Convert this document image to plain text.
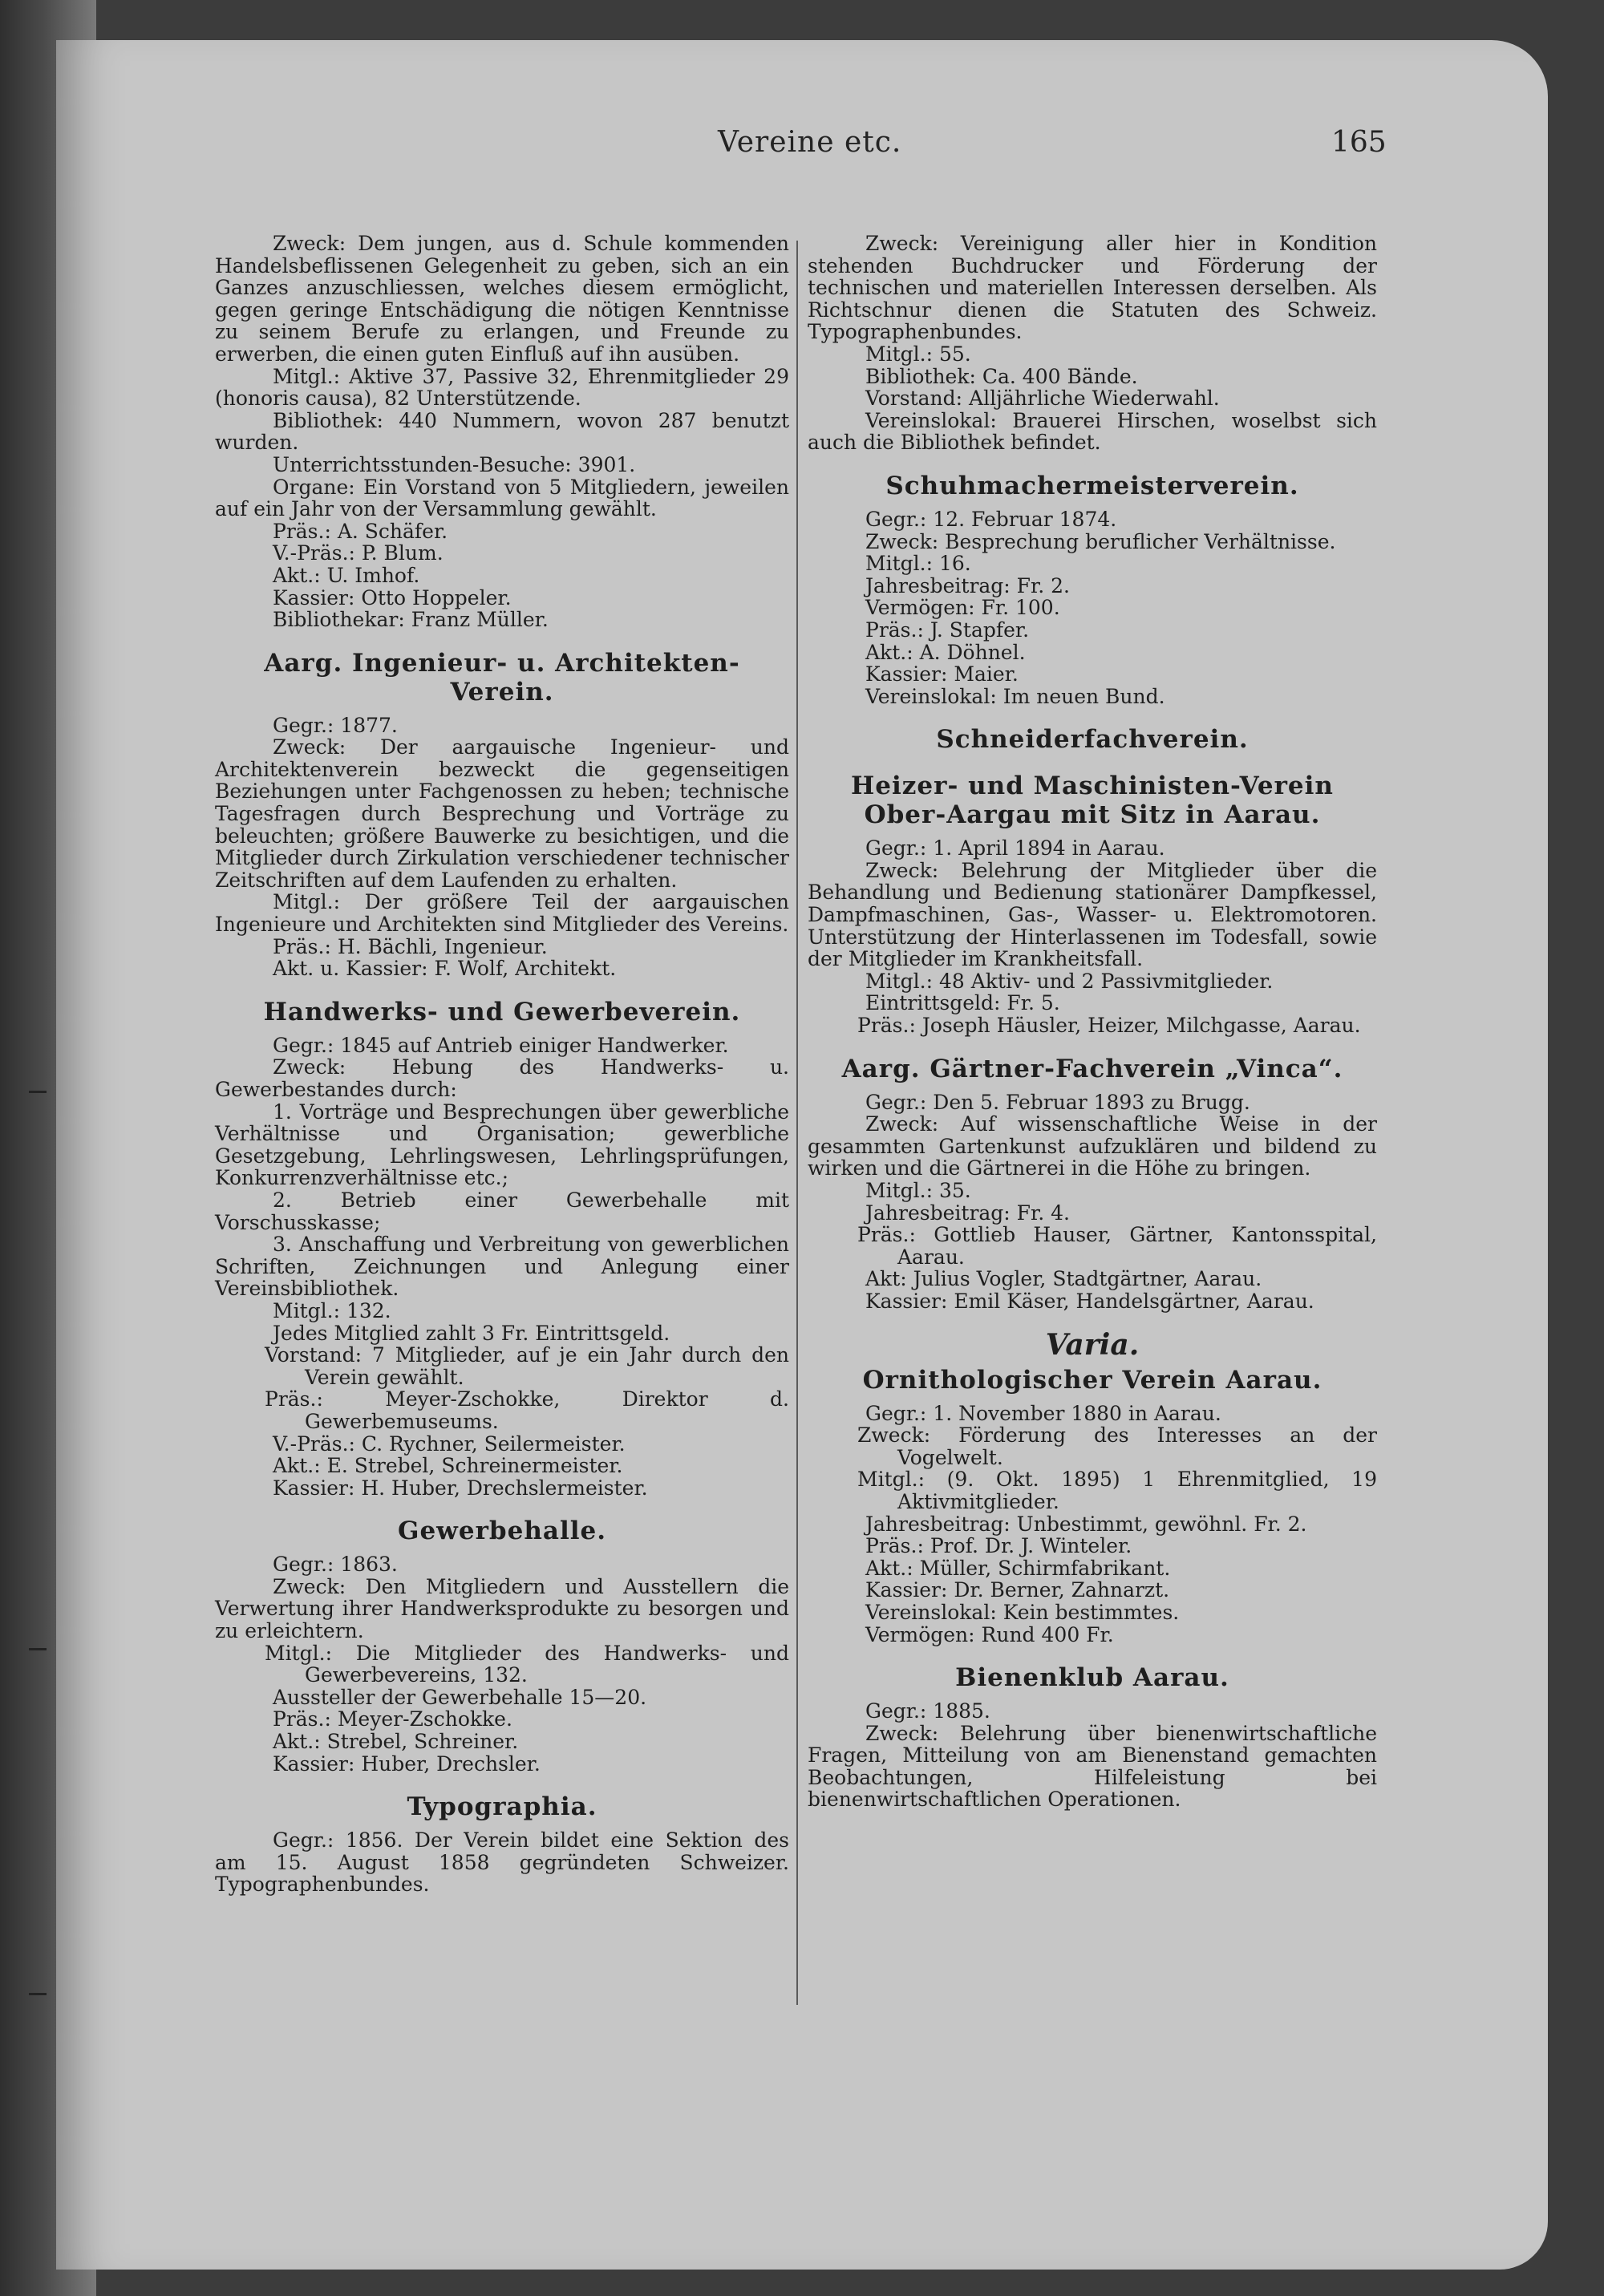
Vereine etc.	165

Zweck: Dem jungen, aus d. Schule kommenden Handelsbeflissenen Gelegenheit zu geben, sich an ein Ganzes anzuschliessen, welches diesem ermöglicht, gegen geringe Entschädigung die nötigen Kenntnisse zu seinem Berufe zu erlangen, und Freunde zu erwerben, die einen guten Einfluß auf ihn ausüben.

Mitgl.: Aktive 37, Passive 32, Ehrenmitglieder 29 (honoris causa), 82 Unterstützende.

Bibliothek: 440 Nummern, wovon 287 benutzt wurden.

Unterrichtsstunden-Besuche: 3901.

Organe: Ein Vorstand von 5 Mitgliedern, jeweilen auf ein Jahr von der Versammlung gewählt.

Präs.: A. Schäfer.

V.-Präs.: P. Blum.

Akt.: U. Imhof.

Kassier: Otto Hoppeler.

Bibliothekar: Franz Müller.

Aarg. Ingenieur- u. Architekten-Verein.

Gegr.: 1877.

Zweck: Der aargauische Ingenieur- und Architektenverein bezweckt die gegenseitigen Beziehungen unter Fachgenossen zu heben; technische Tagesfragen durch Besprechung und Vorträge zu beleuchten; größere Bauwerke zu besichtigen, und die Mitglieder durch Zirkulation verschiedener technischer Zeitschriften auf dem Laufenden zu erhalten.

Mitgl.: Der größere Teil der aargauischen Ingenieure und Architekten sind Mitglieder des Vereins.

Präs.: H. Bächli, Ingenieur.

Akt. u. Kassier: F. Wolf, Architekt.

Handwerks- und Gewerbeverein.

Gegr.: 1845 auf Antrieb einiger Handwerker.

Zweck: Hebung des Handwerks- u. Gewerbestandes durch:

1. Vorträge und Besprechungen über gewerbliche Verhältnisse und Organisation; gewerbliche Gesetzgebung, Lehrlingswesen, Lehrlingsprüfungen, Konkurrenzverhältnisse etc.;

2. Betrieb einer Gewerbehalle mit Vorschusskasse;

3. Anschaffung und Verbreitung von gewerblichen Schriften, Zeichnungen und Anlegung einer Vereinsbibliothek.

Mitgl.: 132.

Jedes Mitglied zahlt 3 Fr. Eintrittsgeld.

Vorstand: 7 Mitglieder, auf je ein Jahr durch den Verein gewählt.

Präs.: Meyer-Zschokke, Direktor d. Gewerbemuseums.

V.-Präs.: C. Rychner, Seilermeister.

Akt.: E. Strebel, Schreinermeister.

Kassier: H. Huber, Drechslermeister.

Gewerbehalle.

Gegr.: 1863.

Zweck: Den Mitgliedern und Ausstellern die Verwertung ihrer Handwerksprodukte zu besorgen und zu erleichtern.

Mitgl.: Die Mitglieder des Handwerks- und Gewerbevereins, 132.

Aussteller der Gewerbehalle 15—20.

Präs.: Meyer-Zschokke.

Akt.: Strebel, Schreiner.

Kassier: Huber, Drechsler.

Typographia.

Gegr.: 1856. Der Verein bildet eine Sektion des am 15. August 1858 gegründeten Schweizer. Typographenbundes.

Zweck: Vereinigung aller hier in Kondition stehenden Buchdrucker und Förderung der technischen und materiellen Interessen derselben. Als Richtschnur dienen die Statuten des Schweiz. Typographenbundes.

Mitgl.: 55.

Bibliothek: Ca. 400 Bände.

Vorstand: Alljährliche Wiederwahl.

Vereinslokal: Brauerei Hirschen, woselbst sich auch die Bibliothek befindet.

Schuhmachermeisterverein.

Gegr.: 12. Februar 1874.

Zweck: Besprechung beruflicher Verhältnisse.

Mitgl.: 16.

Jahresbeitrag: Fr. 2.

Vermögen: Fr. 100.

Präs.: J. Stapfer.

Akt.: A. Döhnel.

Kassier: Maier.

Vereinslokal: Im neuen Bund.

Schneiderfachverein.
Heizer- und Maschinisten-Verein Ober-Aargau mit Sitz in Aarau.

Gegr.: 1. April 1894 in Aarau.

Zweck: Belehrung der Mitglieder über die Behandlung und Bedienung stationärer Dampfkessel, Dampfmaschinen, Gas-, Wasser- u. Elektromotoren. Unterstützung der Hinterlassenen im Todesfall, sowie der Mitglieder im Krankheitsfall.

Mitgl.: 48 Aktiv- und 2 Passivmitglieder.

Eintrittsgeld: Fr. 5.

Präs.: Joseph Häusler, Heizer, Milchgasse, Aarau.

Aarg. Gärtner-Fachverein „Vinca“.

Gegr.: Den 5. Februar 1893 zu Brugg.

Zweck: Auf wissenschaftliche Weise in der gesammten Gartenkunst aufzuklären und bildend zu wirken und die Gärtnerei in die Höhe zu bringen.

Mitgl.: 35.

Jahresbeitrag: Fr. 4.

Präs.: Gottlieb Hauser, Gärtner, Kantonsspital, Aarau.

Akt: Julius Vogler, Stadtgärtner, Aarau.

Kassier: Emil Käser, Handelsgärtner, Aarau.

Varia.
Ornithologischer Verein Aarau.

Gegr.: 1. November 1880 in Aarau.

Zweck: Förderung des Interesses an der Vogelwelt.

Mitgl.: (9. Okt. 1895) 1 Ehrenmitglied, 19 Aktivmitglieder.

Jahresbeitrag: Unbestimmt, gewöhnl. Fr. 2.

Präs.: Prof. Dr. J. Winteler.

Akt.: Müller, Schirmfabrikant.

Kassier: Dr. Berner, Zahnarzt.

Vereinslokal: Kein bestimmtes.

Vermögen: Rund 400 Fr.

Bienenklub Aarau.

Gegr.: 1885.

Zweck: Belehrung über bienenwirtschaftliche Fragen, Mitteilung von am Bienenstand gemachten Beobachtungen, Hilfeleistung bei bienenwirtschaftlichen Operationen.
